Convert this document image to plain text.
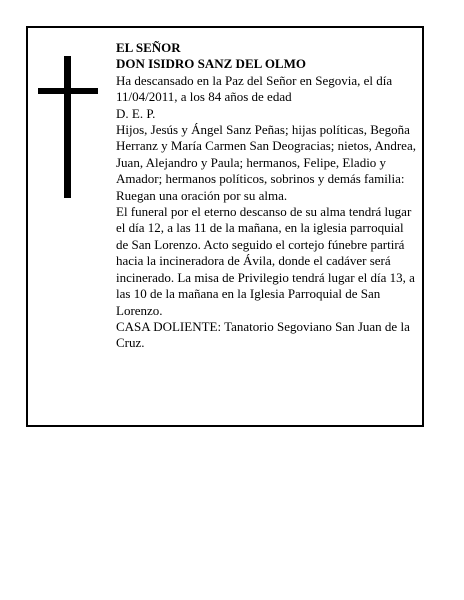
EL SEÑOR

DON ISIDRO SANZ DEL OLMO

Ha descansado en la Paz del Señor en Segovia, el día 11/04/2011, a los 84 años de edad

D. E. P.

Hijos, Jesús y Ángel Sanz Peñas; hijas políticas, Begoña Herranz y María Carmen San Deogracias; nietos, Andrea, Juan, Alejandro y Paula; hermanos, Felipe, Eladio y Amador; hermanos políticos, sobrinos y demás familia:

Ruegan una oración por su alma.

El funeral por el eterno descanso de su alma tendrá lugar el día 12, a las 11 de la mañana, en la iglesia parroquial de San Lorenzo. Acto seguido el cortejo fúnebre partirá hacia la incineradora de Ávila, donde el cadáver será incinerado. La misa de Privilegio tendrá lugar el día 13, a las 10 de la mañana en la Iglesia Parroquial de San Lorenzo.

CASA DOLIENTE: Tanatorio Segoviano San Juan de la Cruz.
